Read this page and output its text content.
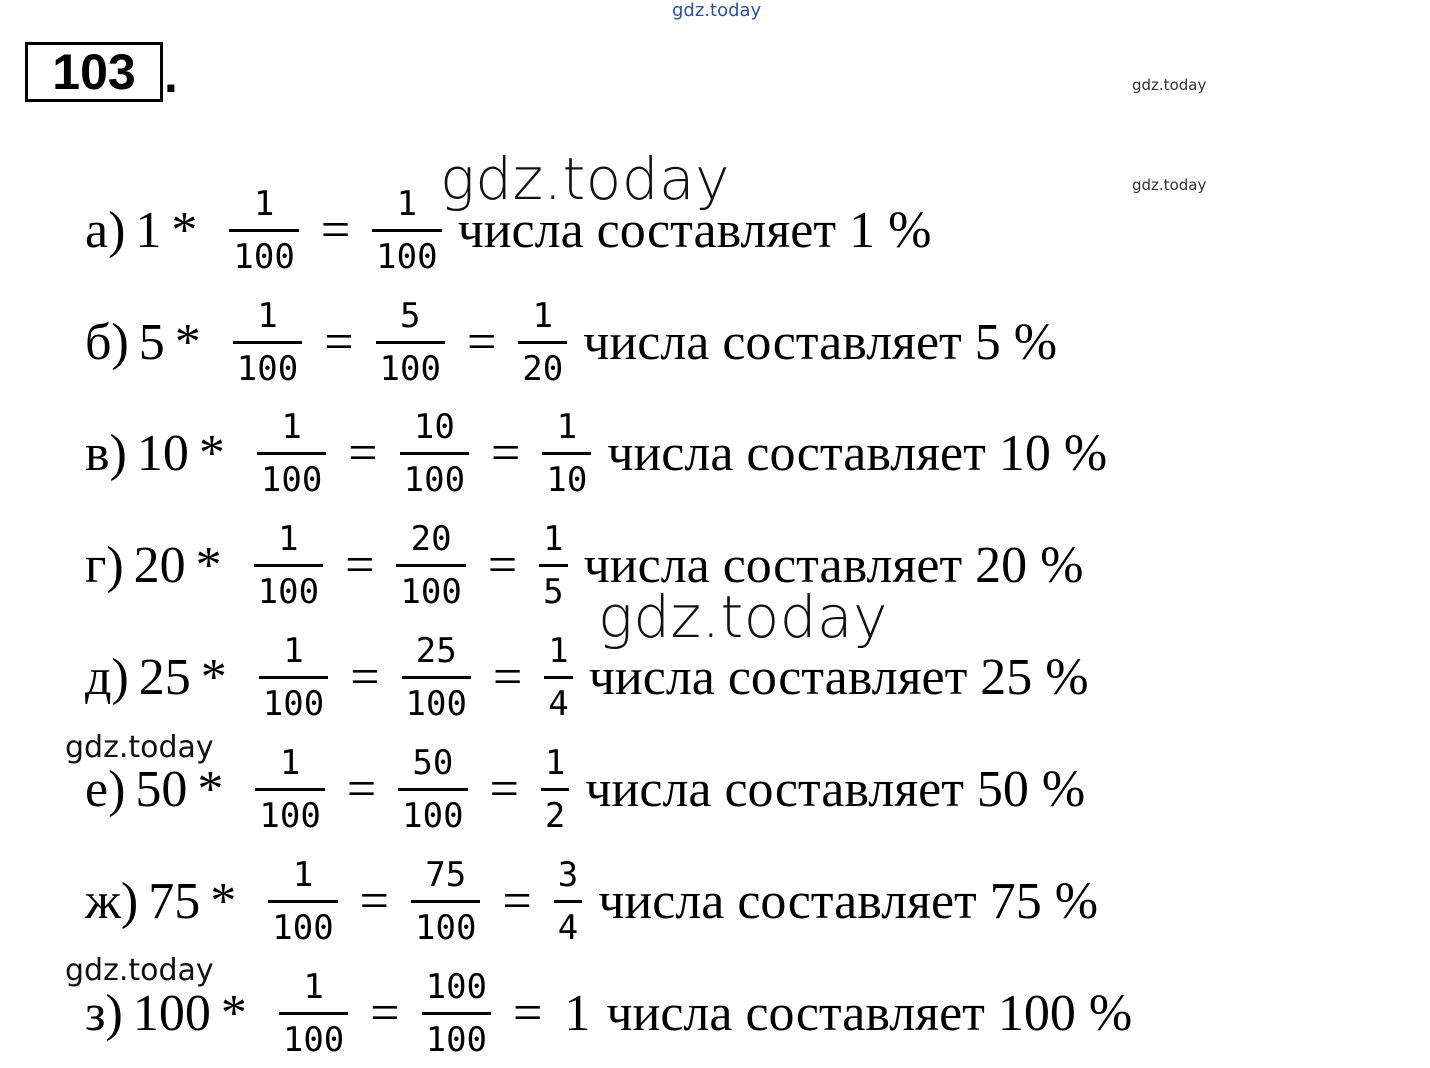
gdz.today
gdz.today
gdz.today
103 .
а) $1 * \frac{1}{100} = \frac{1}{100}$ числа составляет 1 %
б) $5 * \frac{1}{100} = \frac{5}{100} = \frac{1}{20}$ числа составляет 5 %
в) $10 * \frac{1}{100} = \frac{10}{100} = \frac{1}{10}$ числа составляет 10 %
г) $20 * \frac{1}{100} = \frac{20}{100} = \frac{1}{5}$ числа составляет 20 %
д) $25 * \frac{1}{100} = \frac{25}{100} = \frac{1}{4}$ числа составляет 25 %
е) $50 * \frac{1}{100} = \frac{50}{100} = \frac{1}{2}$ числа составляет 50 %
ж) $75 * \frac{1}{100} = \frac{75}{100} = \frac{3}{4}$ числа составляет 75 %
з) $100 * \frac{1}{100} = \frac{100}{100} = 1$ числа составляет 100 %
gdz.today
gdz.today
gdz.today
gdz.today
